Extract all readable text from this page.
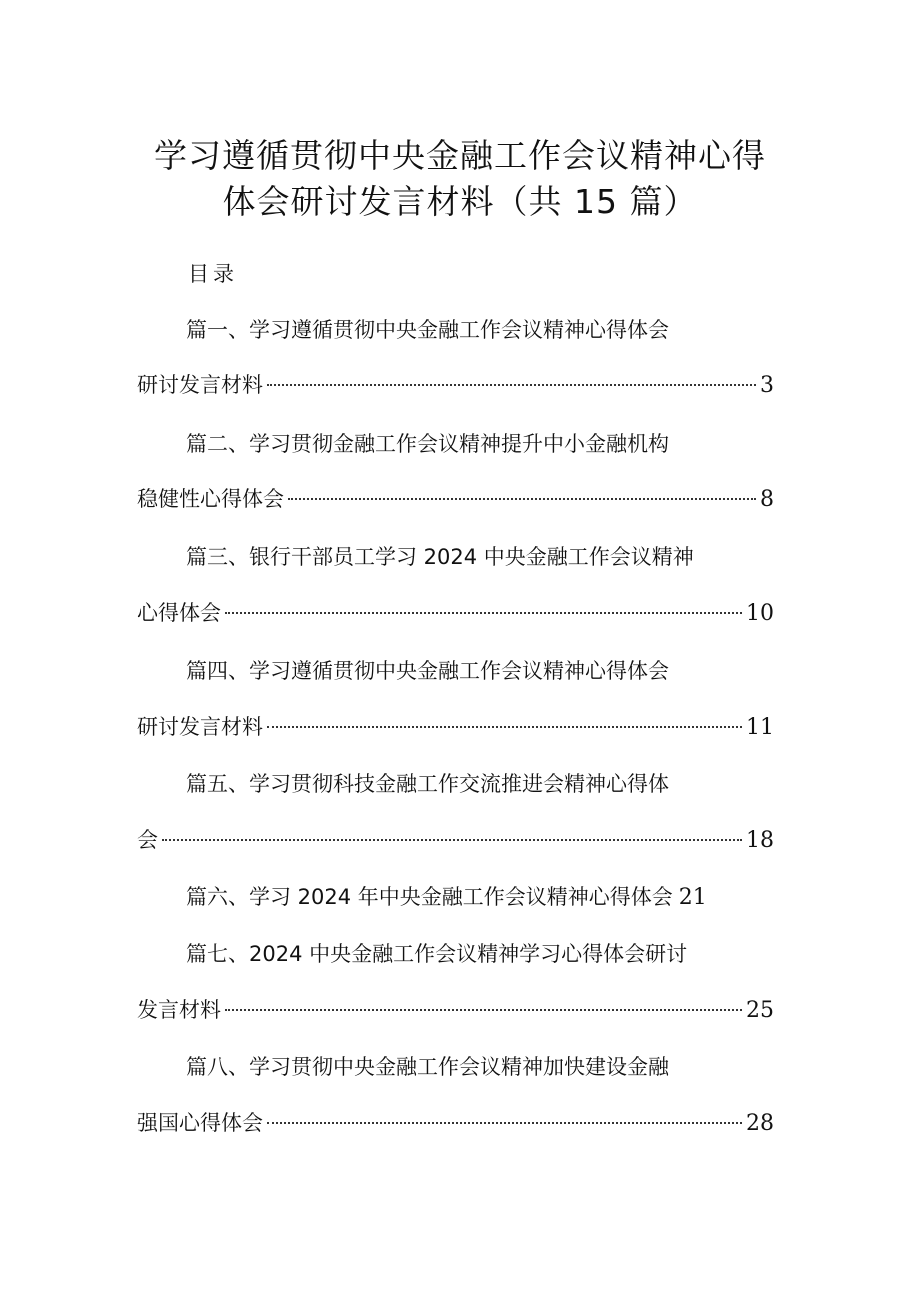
学习遵循贯彻中央金融工作会议精神心得
体会研讨发言材料（共 15 篇）
目录
篇一、学习遵循贯彻中央金融工作会议精神心得体会
研讨发言材料	3
篇二、学习贯彻金融工作会议精神提升中小金融机构
稳健性心得体会	8
篇三、银行干部员工学习 2024 中央金融工作会议精神
心得体会	10
篇四、学习遵循贯彻中央金融工作会议精神心得体会
研讨发言材料	11
篇五、学习贯彻科技金融工作交流推进会精神心得体
会	18
篇六、学习 2024 年中央金融工作会议精神心得体会 21
篇七、2024 中央金融工作会议精神学习心得体会研讨
发言材料	25
篇八、学习贯彻中央金融工作会议精神加快建设金融
强国心得体会	28
